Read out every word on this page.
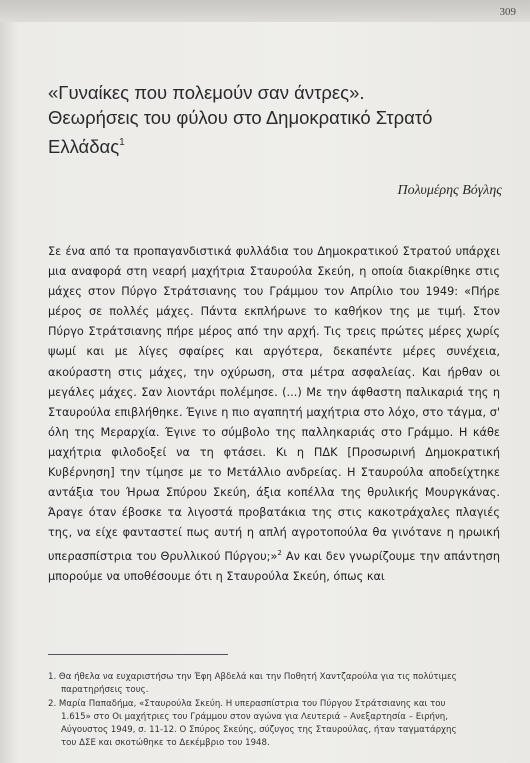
309
«Γυναίκες που πολεμούν σαν άντρες».
Θεωρήσεις του φύλου στο Δημοκρατικό Στρατό
Ελλάδας$^1$
Πολυμέρης Βόγλης

Σε ένα από τα προπαγανδιστικά φυλλάδια του Δημοκρατικού Στρατού υπάρχει μια αναφορά στη νεαρή μαχήτρια Σταυρούλα Σκεύη, η οποία διακρίθηκε στις μάχες στον Πύργο Στράτσιανης του Γράμμου τον Απρίλιο του 1949: «Πήρε μέρος σε πολλές μάχες. Πάντα εκπλήρωνε το καθήκον της με τιμή. Στον Πύργο Στράτσιανης πήρε μέρος από την αρχή. Τις τρεις πρώτες μέρες χωρίς ψωμί και με λίγες σφαίρες και αργότερα, δεκαπέντε μέρες συνέχεια, ακούραστη στις μάχες, την οχύρωση, στα μέτρα ασφαλείας. Και ήρθαν οι μεγάλες μάχες. Σαν λιοντάρι πολέμησε. (...) Με την άφθαστη παλικαριά της η Σταυρούλα επιβλήθηκε. Έγινε η πιο αγαπητή μαχήτρια στο λόχο, στο τάγμα, σ' όλη της Μεραρχία. Έγινε το σύμβολο της παλληκαριάς στο Γράμμο. Η κάθε μαχήτρια φιλοδοξεί να τη φτάσει. Κι η ΠΔΚ [Προσωρινή Δημοκρατική Κυβέρνηση] την τίμησε με το Μετάλλιο ανδρείας. Η Σταυρούλα αποδείχτηκε αντάξια του Ήρωα Σπύρου Σκεύη, άξια κοπέλλα της θρυλικής Μουργκάνας. Άραγε όταν έβοσκε τα λιγοστά προβατάκια της στις κακοτράχαλες πλαγιές της, να είχε φανταστεί πως αυτή η απλή αγροτοπούλα θα γινότανε η ηρωική υπερασπίστρια του Θρυλλικού Πύργου;»$^2$ Αν και δεν γνωρίζουμε την απάντηση μπορούμε να υποθέσουμε ότι η Σταυρούλα Σκεύη, όπως και

1. Θα ήθελα να ευχαριστήσω την Έφη Αβδελά και την Ποθητή Χαντζαρούλα για τις πολύτιμες
παρατηρήσεις τους.

2. Μαρία Παπαδήμα, «Σταυρούλα Σκεύη. Η υπερασπίστρια του Πύργου Στράτσιανης και του
1.615» στο Οι μαχήτριες του Γράμμου στον αγώνα για Λευτεριά – Ανεξαρτησία – Ειρήνη,
Αύγουστος 1949, σ. 11-12. Ο Σπύρος Σκεύης, σύζυγος της Σταυρούλας, ήταν ταγματάρχης
του ΔΣΕ και σκοτώθηκε το Δεκέμβριο του 1948.
